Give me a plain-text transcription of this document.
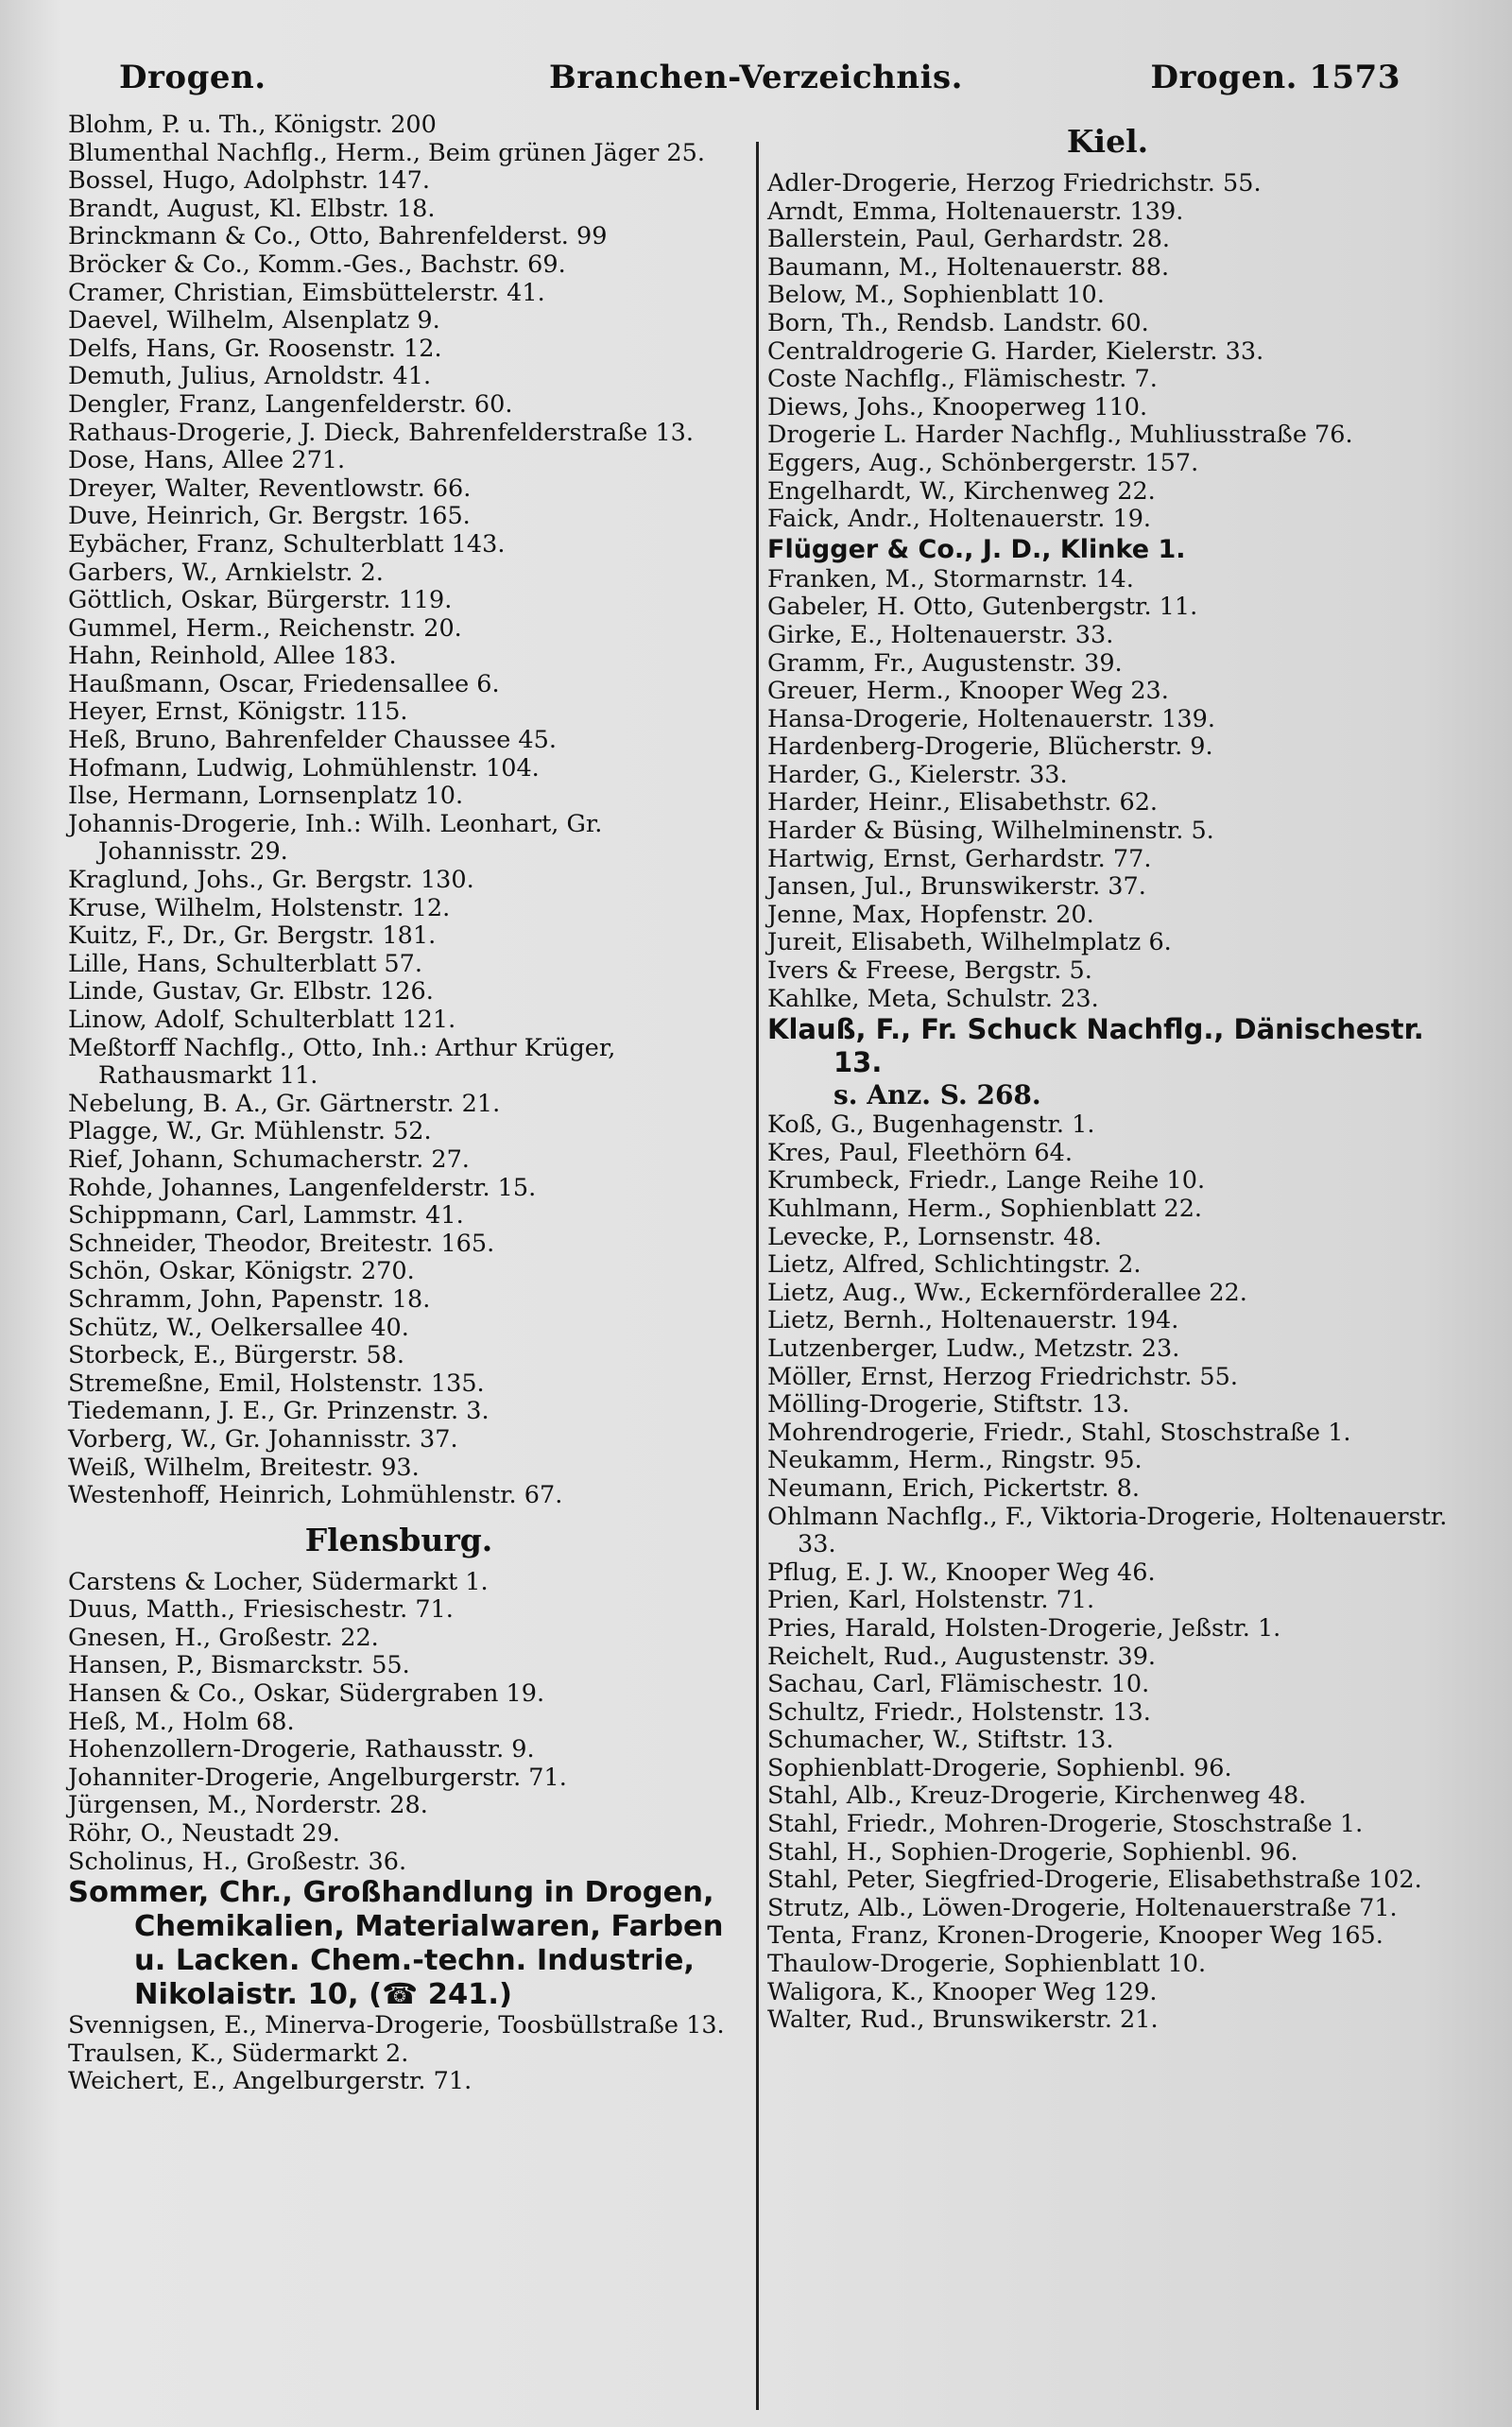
Drogen.	Branchen-Verzeichnis.	Drogen. 1573
Blohm, P. u. Th., Königstr. 200
Blumenthal Nachflg., Herm., Beim grünen Jäger 25.
Bossel, Hugo, Adolphstr. 147.
Brandt, August, Kl. Elbstr. 18.
Brinckmann & Co., Otto, Bahrenfelderst. 99
Bröcker & Co., Komm.-Ges., Bachstr. 69.
Cramer, Christian, Eimsbüttelerstr. 41.
Daevel, Wilhelm, Alsenplatz 9.
Delfs, Hans, Gr. Roosenstr. 12.
Demuth, Julius, Arnoldstr. 41.
Dengler, Franz, Langenfelderstr. 60.
Rathaus-Drogerie, J. Dieck, Bahrenfelderstraße 13.
Dose, Hans, Allee 271.
Dreyer, Walter, Reventlowstr. 66.
Duve, Heinrich, Gr. Bergstr. 165.
Eybächer, Franz, Schulterblatt 143.
Garbers, W., Arnkielstr. 2.
Göttlich, Oskar, Bürgerstr. 119.
Gummel, Herm., Reichenstr. 20.
Hahn, Reinhold, Allee 183.
Haußmann, Oscar, Friedensallee 6.
Heyer, Ernst, Königstr. 115.
Heß, Bruno, Bahrenfelder Chaussee 45.
Hofmann, Ludwig, Lohmühlenstr. 104.
Ilse, Hermann, Lornsenplatz 10.
Johannis-Drogerie, Inh.: Wilh. Leonhart, Gr. Johannisstr. 29.
Kraglund, Johs., Gr. Bergstr. 130.
Kruse, Wilhelm, Holstenstr. 12.
Kuitz, F., Dr., Gr. Bergstr. 181.
Lille, Hans, Schulterblatt 57.
Linde, Gustav, Gr. Elbstr. 126.
Linow, Adolf, Schulterblatt 121.
Meßtorff Nachflg., Otto, Inh.: Arthur Krüger, Rathausmarkt 11.
Nebelung, B. A., Gr. Gärtnerstr. 21.
Plagge, W., Gr. Mühlenstr. 52.
Rief, Johann, Schumacherstr. 27.
Rohde, Johannes, Langenfelderstr. 15.
Schippmann, Carl, Lammstr. 41.
Schneider, Theodor, Breitestr. 165.
Schön, Oskar, Königstr. 270.
Schramm, John, Papenstr. 18.
Schütz, W., Oelkersallee 40.
Storbeck, E., Bürgerstr. 58.
Stremeßne, Emil, Holstenstr. 135.
Tiedemann, J. E., Gr. Prinzenstr. 3.
Vorberg, W., Gr. Johannisstr. 37.
Weiß, Wilhelm, Breitestr. 93.
Westenhoff, Heinrich, Lohmühlenstr. 67.
Flensburg.
Carstens & Locher, Südermarkt 1.
Duus, Matth., Friesischestr. 71.
Gnesen, H., Großestr. 22.
Hansen, P., Bismarckstr. 55.
Hansen & Co., Oskar, Südergraben 19.
Heß, M., Holm 68.
Hohenzollern-Drogerie, Rathausstr. 9.
Johanniter-Drogerie, Angelburgerstr. 71.
Jürgensen, M., Norderstr. 28.
Röhr, O., Neustadt 29.
Scholinus, H., Großestr. 36.
Sommer, Chr., Großhandlung in Drogen, Chemikalien, Materialwaren, Farben u. Lacken. Chem.-techn. Industrie, Nikolaistr. 10, (☎ 241.)
Svennigsen, E., Minerva-Drogerie, Toosbüllstraße 13.
Traulsen, K., Südermarkt 2.
Weichert, E., Angelburgerstr. 71.
Kiel.
Adler-Drogerie, Herzog Friedrichstr. 55.
Arndt, Emma, Holtenauerstr. 139.
Ballerstein, Paul, Gerhardstr. 28.
Baumann, M., Holtenauerstr. 88.
Below, M., Sophienblatt 10.
Born, Th., Rendsb. Landstr. 60.
Centraldrogerie G. Harder, Kielerstr. 33.
Coste Nachflg., Flämischestr. 7.
Diews, Johs., Knooperweg 110.
Drogerie L. Harder Nachflg., Muhliusstraße 76.
Eggers, Aug., Schönbergerstr. 157.
Engelhardt, W., Kirchenweg 22.
Faick, Andr., Holtenauerstr. 19.
Flügger & Co., J. D., Klinke 1.
Franken, M., Stormarnstr. 14.
Gabeler, H. Otto, Gutenbergstr. 11.
Girke, E., Holtenauerstr. 33.
Gramm, Fr., Augustenstr. 39.
Greuer, Herm., Knooper Weg 23.
Hansa-Drogerie, Holtenauerstr. 139.
Hardenberg-Drogerie, Blücherstr. 9.
Harder, G., Kielerstr. 33.
Harder, Heinr., Elisabethstr. 62.
Harder & Büsing, Wilhelminenstr. 5.
Hartwig, Ernst, Gerhardstr. 77.
Jansen, Jul., Brunswikerstr. 37.
Jenne, Max, Hopfenstr. 20.
Jureit, Elisabeth, Wilhelmplatz 6.
Ivers & Freese, Bergstr. 5.
Kahlke, Meta, Schulstr. 23.
Klauß, F., Fr. Schuck Nachflg., Dänischestr. 13.
s. Anz. S. 268.
Koß, G., Bugenhagenstr. 1.
Kres, Paul, Fleethörn 64.
Krumbeck, Friedr., Lange Reihe 10.
Kuhlmann, Herm., Sophienblatt 22.
Levecke, P., Lornsenstr. 48.
Lietz, Alfred, Schlichtingstr. 2.
Lietz, Aug., Ww., Eckernförderallee 22.
Lietz, Bernh., Holtenauerstr. 194.
Lutzenberger, Ludw., Metzstr. 23.
Möller, Ernst, Herzog Friedrichstr. 55.
Mölling-Drogerie, Stiftstr. 13.
Mohrendrogerie, Friedr., Stahl, Stoschstraße 1.
Neukamm, Herm., Ringstr. 95.
Neumann, Erich, Pickertstr. 8.
Ohlmann Nachflg., F., Viktoria-Drogerie, Holtenauerstr. 33.
Pflug, E. J. W., Knooper Weg 46.
Prien, Karl, Holstenstr. 71.
Pries, Harald, Holsten-Drogerie, Jeßstr. 1.
Reichelt, Rud., Augustenstr. 39.
Sachau, Carl, Flämischestr. 10.
Schultz, Friedr., Holstenstr. 13.
Schumacher, W., Stiftstr. 13.
Sophienblatt-Drogerie, Sophienbl. 96.
Stahl, Alb., Kreuz-Drogerie, Kirchenweg 48.
Stahl, Friedr., Mohren-Drogerie, Stoschstraße 1.
Stahl, H., Sophien-Drogerie, Sophienbl. 96.
Stahl, Peter, Siegfried-Drogerie, Elisabethstraße 102.
Strutz, Alb., Löwen-Drogerie, Holtenauerstraße 71.
Tenta, Franz, Kronen-Drogerie, Knooper Weg 165.
Thaulow-Drogerie, Sophienblatt 10.
Waligora, K., Knooper Weg 129.
Walter, Rud., Brunswikerstr. 21.
